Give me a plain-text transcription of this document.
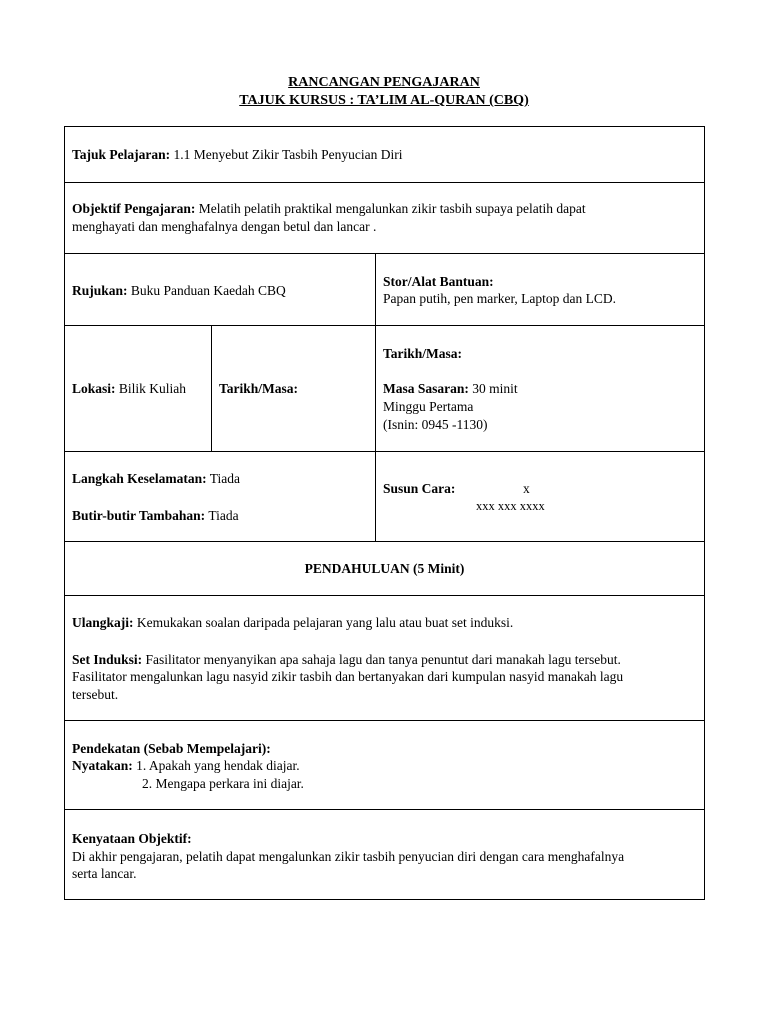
RANCANGAN PENGAJARAN
TAJUK KURSUS : TA’LIM AL-QURAN (CBQ)
Tajuk Pelajaran: 1.1 Menyebut Zikir Tasbih Penyucian Diri
Objektif Pengajaran: Melatih pelatih praktikal mengalunkan zikir tasbih supaya pelatih dapat
menghayati dan menghafalnya dengan betul dan lancar .
Rujukan: Buku Panduan Kaedah CBQ
Stor/Alat Bantuan:
Papan putih, pen marker, Laptop dan LCD.
Lokasi: Bilik Kuliah Tarikh/Masa:
Tarikh/Masa:
Masa Sasaran: 30 minit
Minggu Pertama
(Isnin: 0945 -1130)
Langkah Keselamatan: Tiada
Butir-butir Tambahan: Tiada
Susun Cara:	x
xxx xxx xxxx
PENDAHULUAN (5 Minit)
Ulangkaji: Kemukakan soalan daripada pelajaran yang lalu atau buat set induksi.
Set Induksi: Fasilitator menyanyikan apa sahaja lagu dan tanya penuntut dari manakah lagu tersebut.
Fasilitator mengalunkan lagu nasyid zikir tasbih dan bertanyakan dari kumpulan nasyid manakah lagu
tersebut.
Pendekatan (Sebab Mempelajari):
Nyatakan: 1. Apakah yang hendak diajar.
2. Mengapa perkara ini diajar.
Kenyataan Objektif:
Di akhir pengajaran, pelatih dapat mengalunkan zikir tasbih penyucian diri dengan cara menghafalnya
serta lancar.
